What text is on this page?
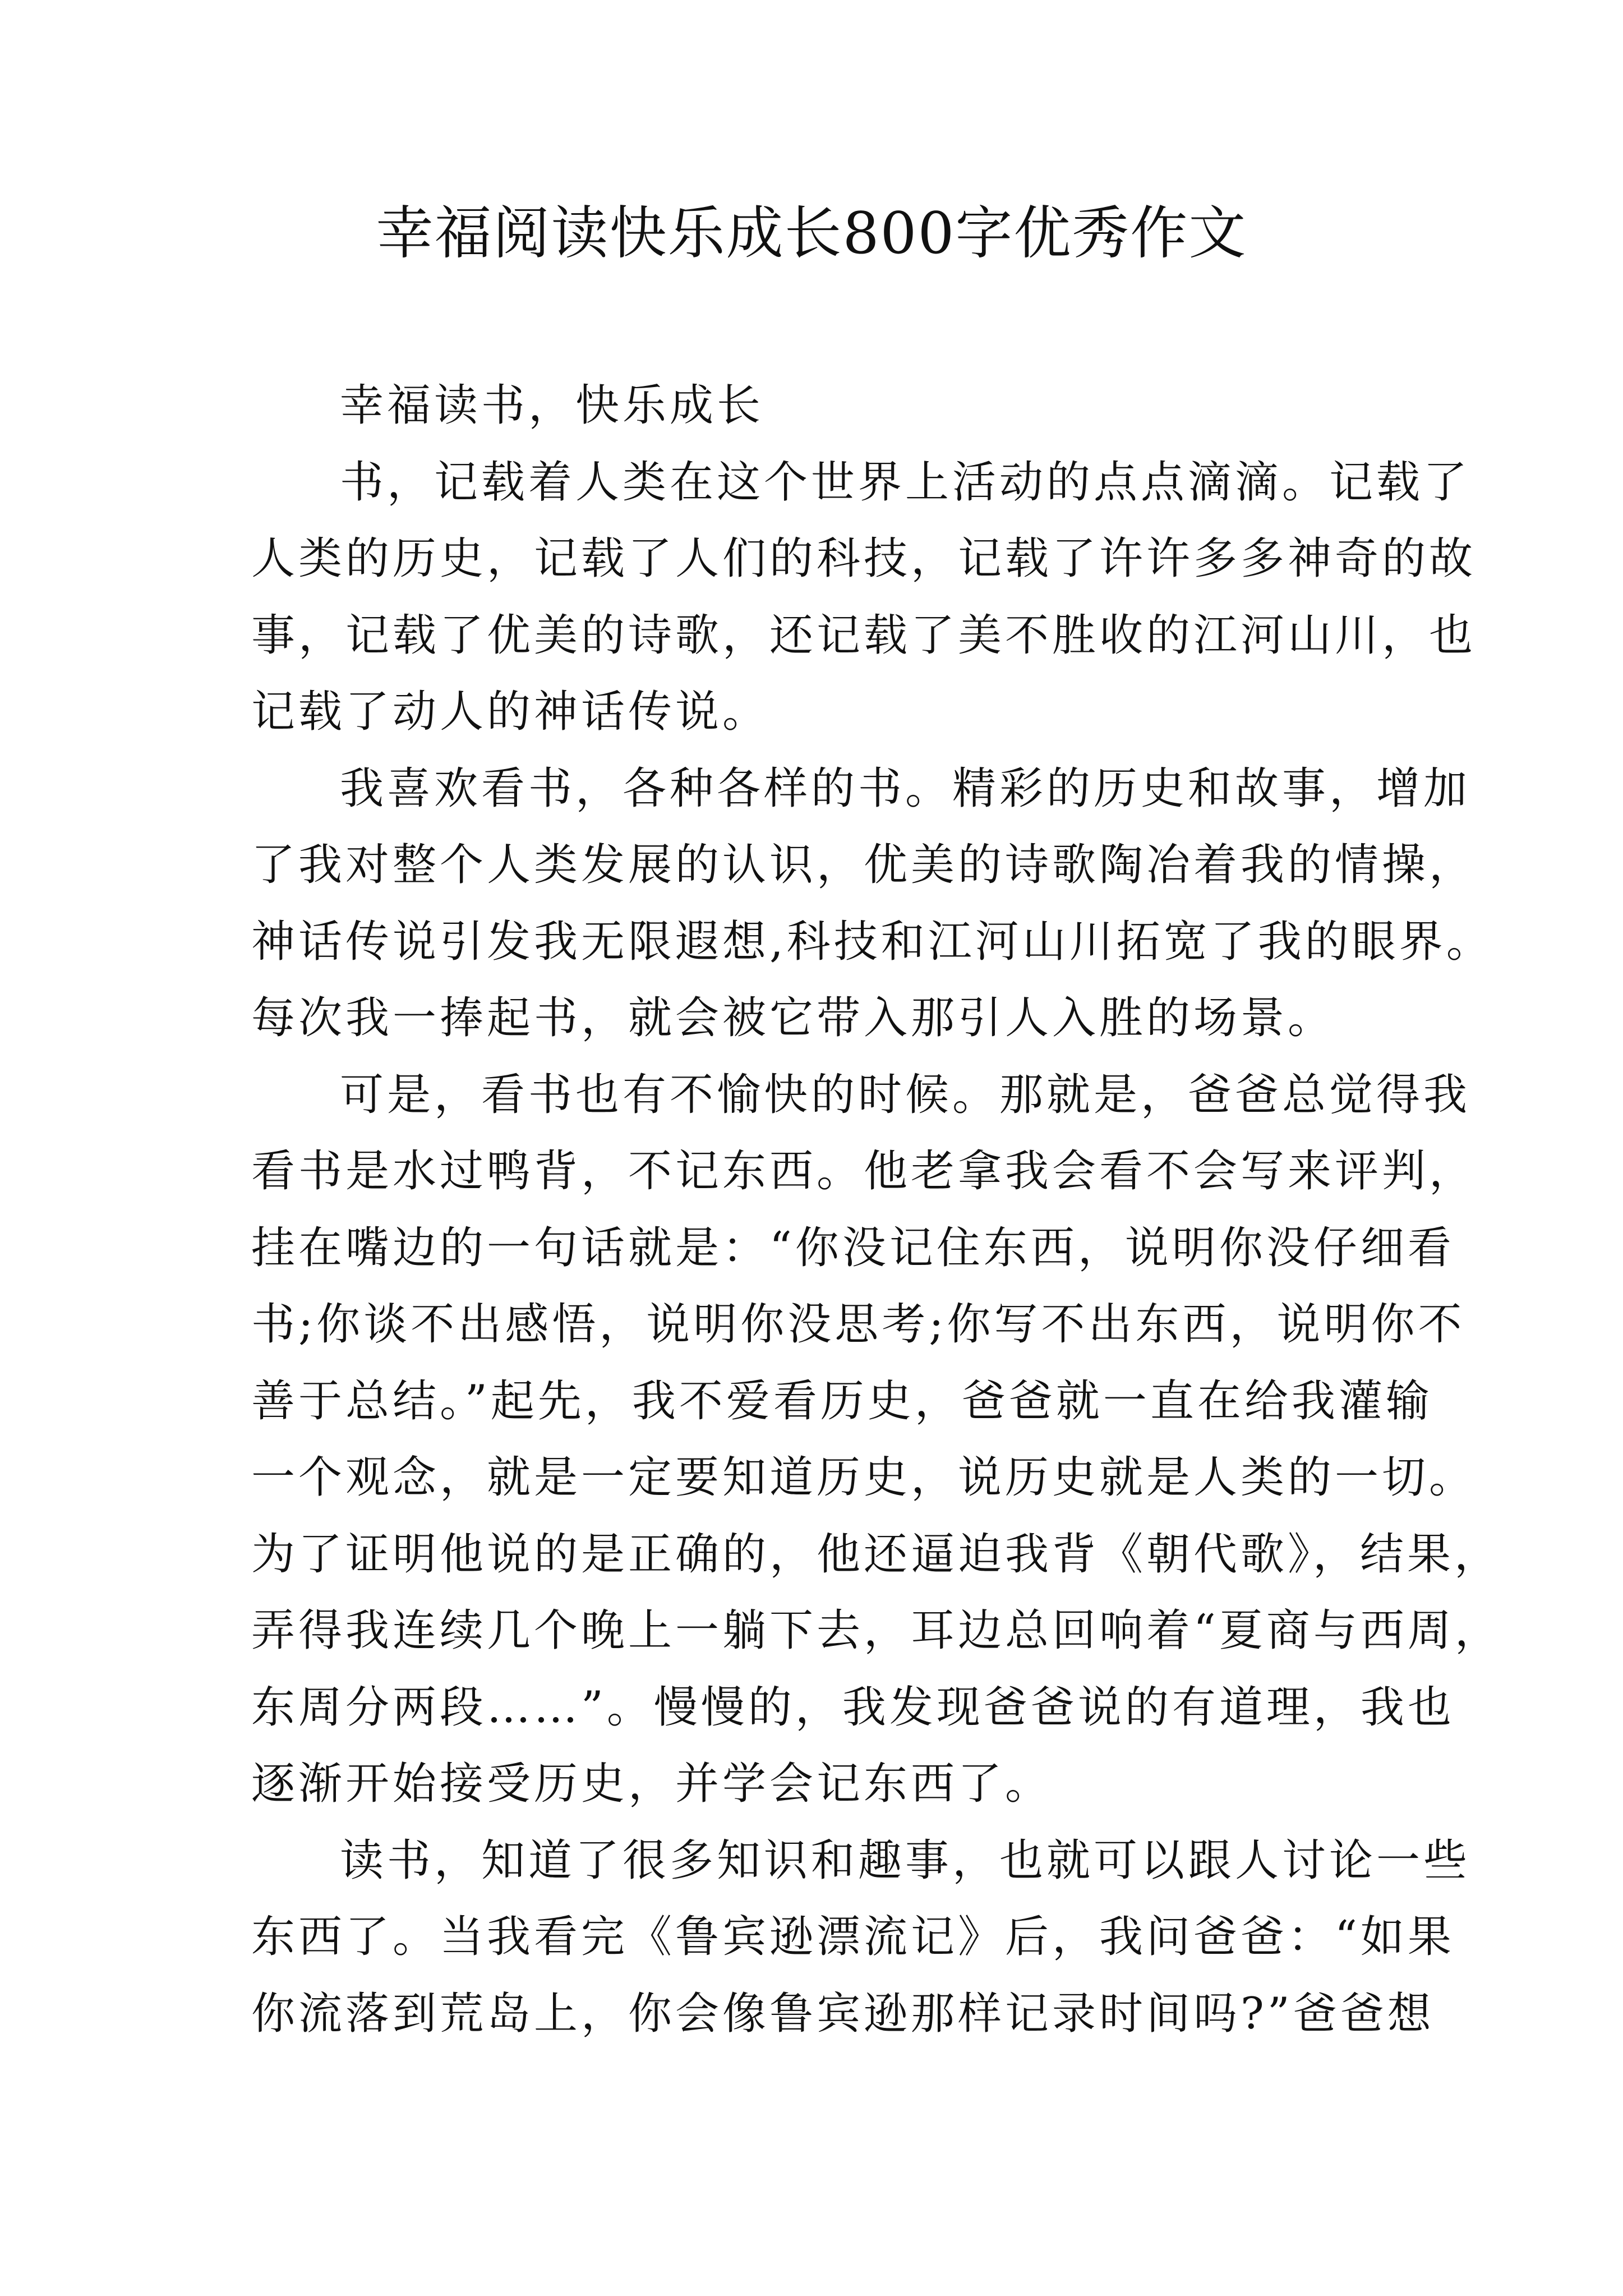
幸福阅读快乐成长800字优秀作文
幸福读书，快乐成长
书，记载着人类在这个世界上活动的点点滴滴。记载了
人类的历史，记载了人们的科技，记载了许许多多神奇的故
事，记载了优美的诗歌，还记载了美不胜收的江河山川，也
记载了动人的神话传说。
我喜欢看书，各种各样的书。精彩的历史和故事，增加
了我对整个人类发展的认识，优美的诗歌陶冶着我的情操，
神话传说引发我无限遐想,科技和江河山川拓宽了我的眼界。
每次我一捧起书，就会被它带入那引人入胜的场景。
可是，看书也有不愉快的时候。那就是，爸爸总觉得我
看书是水过鸭背，不记东西。他老拿我会看不会写来评判，
挂在嘴边的一句话就是：“你没记住东西，说明你没仔细看
书;你谈不出感悟，说明你没思考;你写不出东西，说明你不
善于总结。”起先，我不爱看历史，爸爸就一直在给我灌输
一个观念，就是一定要知道历史，说历史就是人类的一切。
为了证明他说的是正确的，他还逼迫我背《朝代歌》，结果，
弄得我连续几个晚上一躺下去，耳边总回响着“夏商与西周，
东周分两段……”。慢慢的，我发现爸爸说的有道理，我也
逐渐开始接受历史，并学会记东西了。
读书，知道了很多知识和趣事，也就可以跟人讨论一些
东西了。当我看完《鲁宾逊漂流记》后，我问爸爸：“如果
你流落到荒岛上，你会像鲁宾逊那样记录时间吗?”爸爸想
